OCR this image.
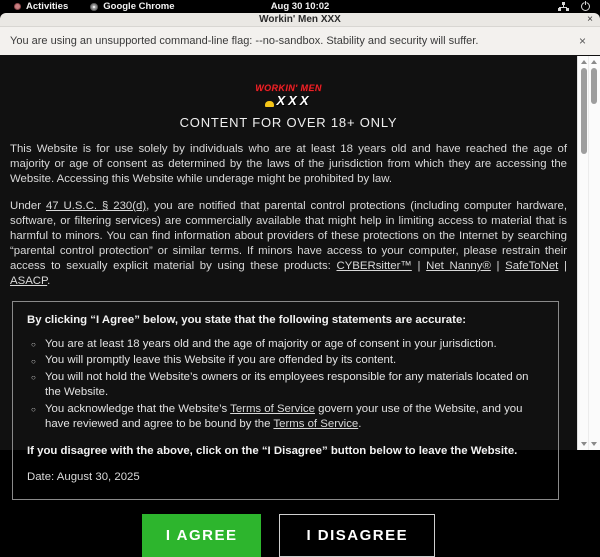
Activities	Google Chrome	Aug 30 10:02
Workin' Men XXX	×
You are using an unsupported command-line flag: --no-sandbox. Stability and security will suffer.	×
WORKIN' MEN
XXX
CONTENT FOR OVER 18+ ONLY

This Website is for use solely by individuals who are at least 18 years old and have reached the age of majority or age of consent as determined by the laws of the jurisdiction from which they are accessing the Website. Accessing this Website while underage might be prohibited by law.

Under 47 U.S.C. § 230(d), you are notified that parental control protections (including computer hardware, software, or filtering services) are commercially available that might help in limiting access to material that is harmful to minors. You can find information about providers of these protections on the Internet by searching “parental control protection” or similar terms. If minors have access to your computer, please restrain their access to sexually explicit material by using these products: CYBERsitter™ | Net Nanny® | SafeToNet | ASACP.

By clicking “I Agree” below, you state that the following statements are accurate:
○ You are at least 18 years old and the age of majority or age of consent in your jurisdiction.
○ You will promptly leave this Website if you are offended by its content.
○ You will not hold the Website’s owners or its employees responsible for any materials located on the Website.
○ You acknowledge that the Website’s Terms of Service govern your use of the Website, and you have reviewed and agree to be bound by the Terms of Service.
If you disagree with the above, click on the “I Disagree” button below to leave the Website.
Date: August 30, 2025
I AGREE	I DISAGREE
